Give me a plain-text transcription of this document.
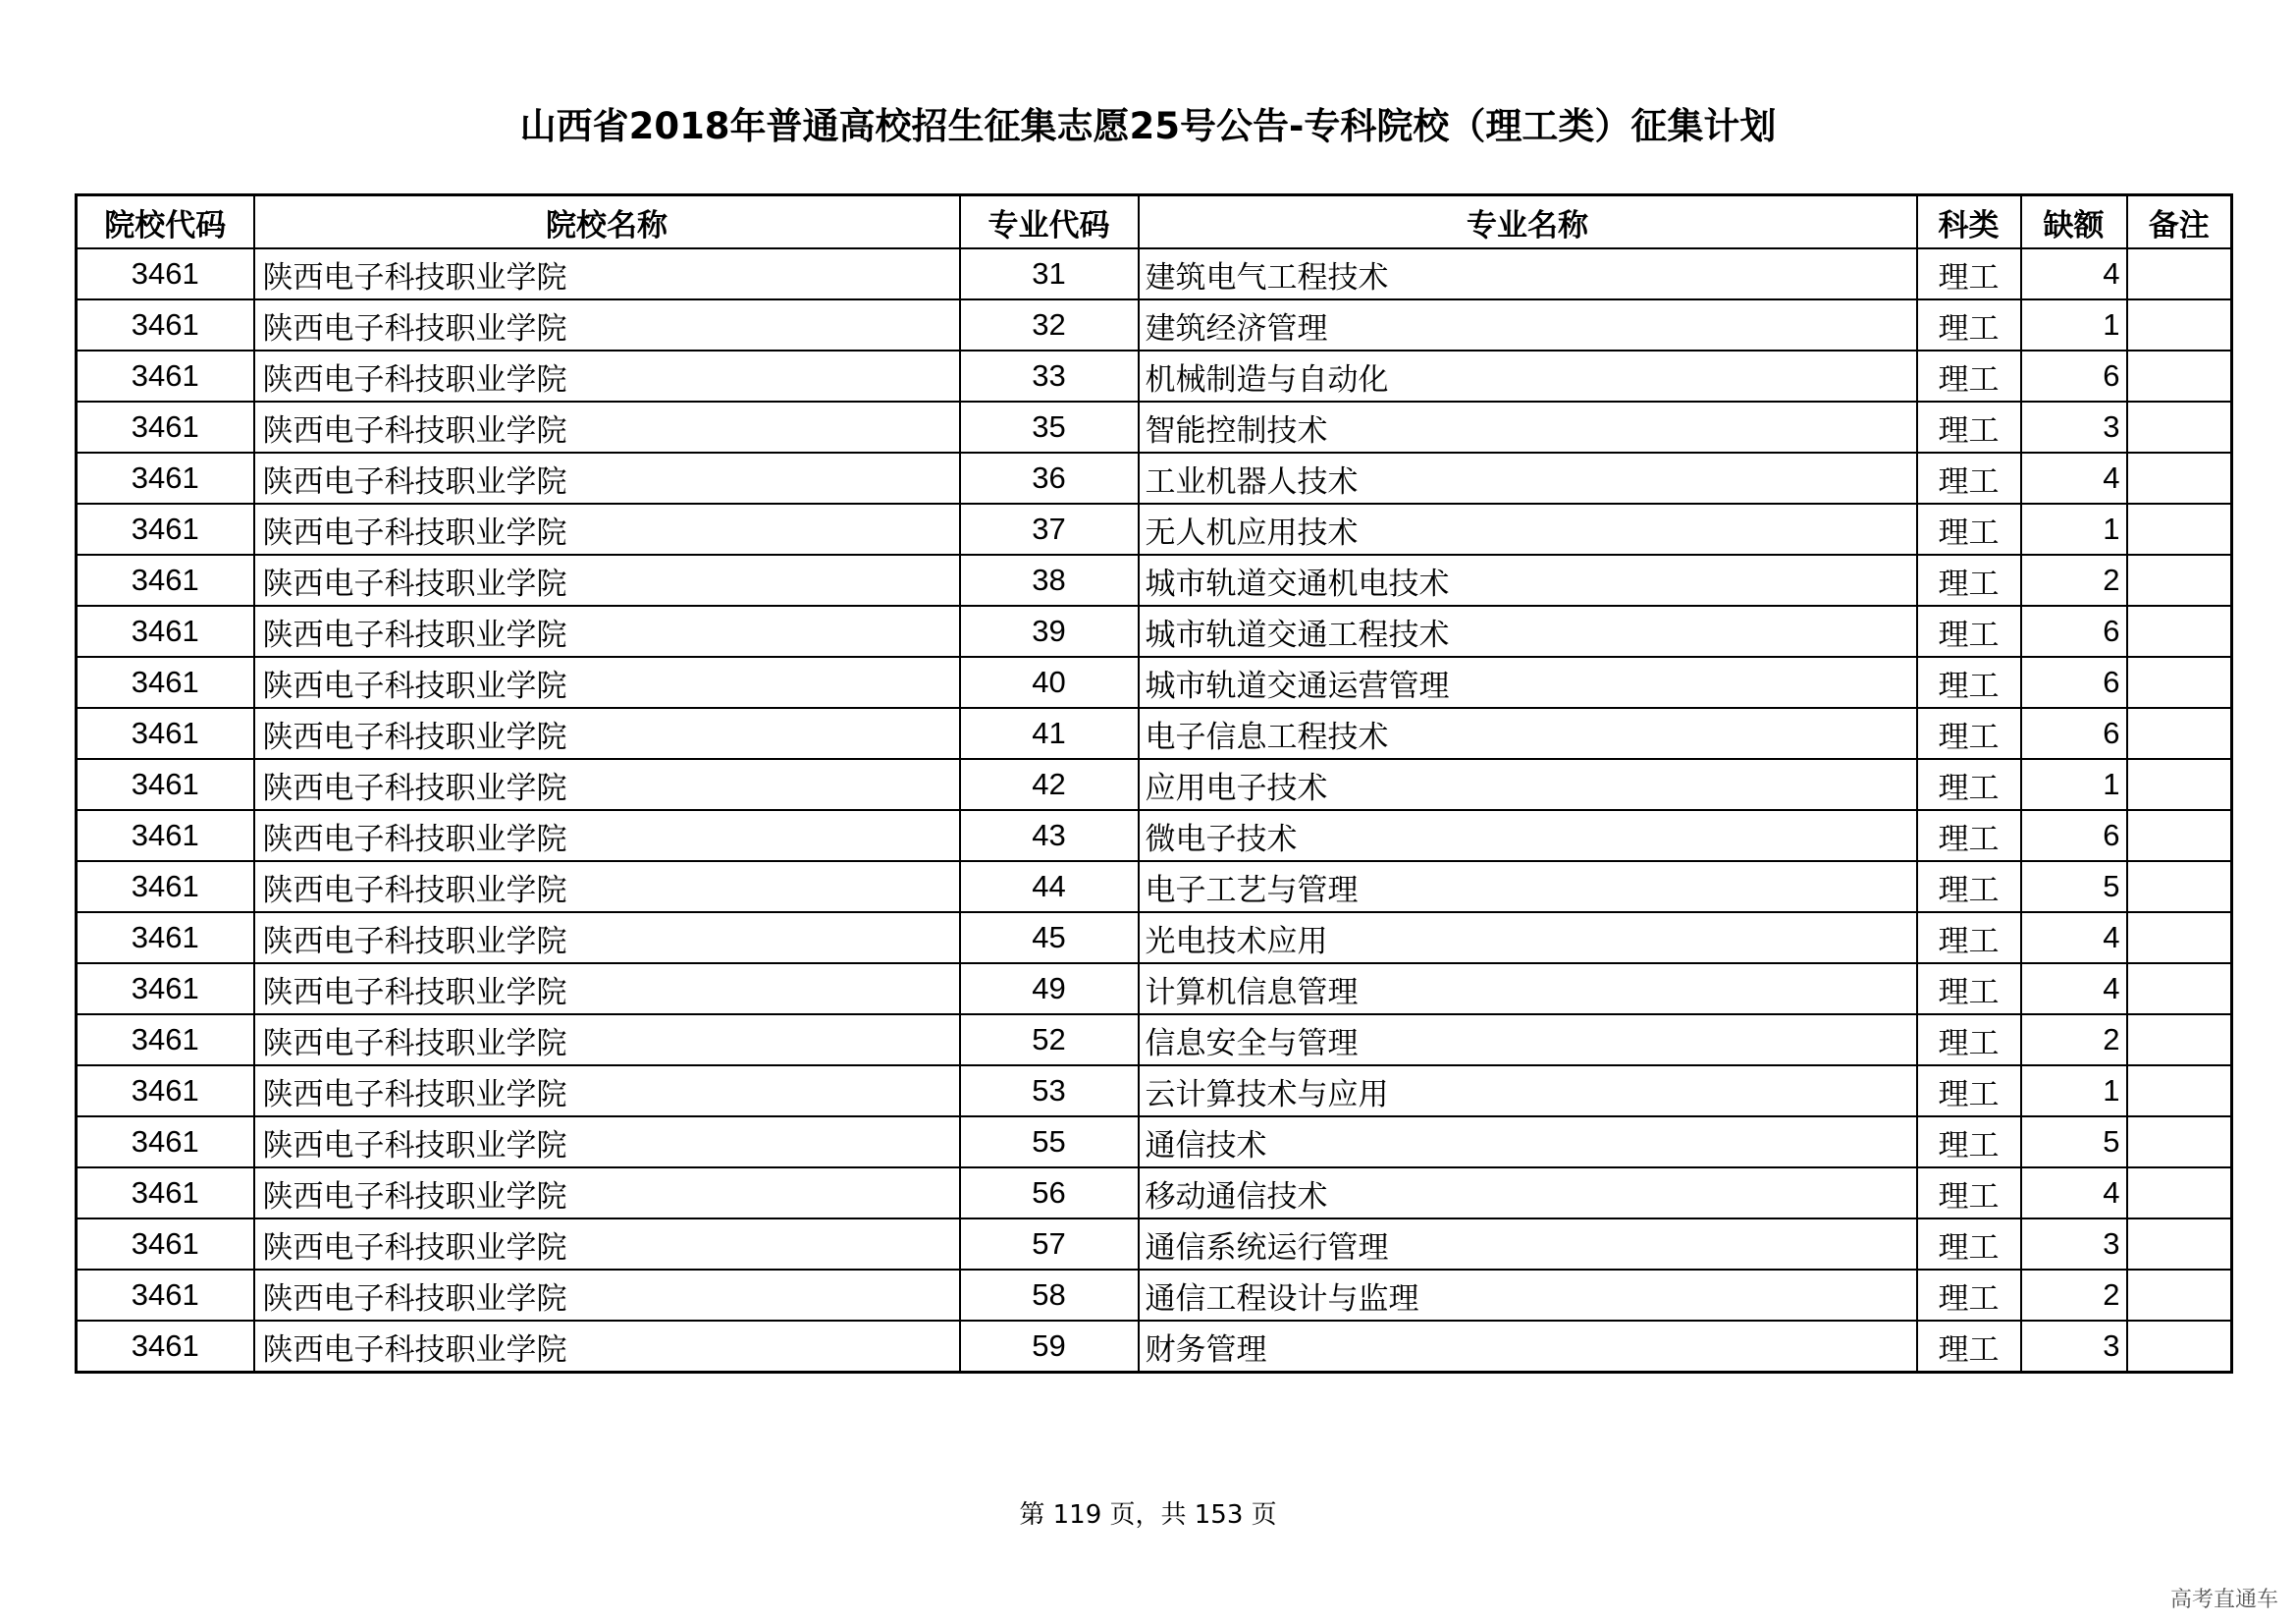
山西省2018年普通高校招生征集志愿25号公告-专科院校（理工类）征集计划
院校代码	院校名称	专业代码	专业名称	科类	缺额	备注
3461	陕西电子科技职业学院	31	建筑电气工程技术	理工	4	
3461	陕西电子科技职业学院	32	建筑经济管理	理工	1	
3461	陕西电子科技职业学院	33	机械制造与自动化	理工	6	
3461	陕西电子科技职业学院	35	智能控制技术	理工	3	
3461	陕西电子科技职业学院	36	工业机器人技术	理工	4	
3461	陕西电子科技职业学院	37	无人机应用技术	理工	1	
3461	陕西电子科技职业学院	38	城市轨道交通机电技术	理工	2	
3461	陕西电子科技职业学院	39	城市轨道交通工程技术	理工	6	
3461	陕西电子科技职业学院	40	城市轨道交通运营管理	理工	6	
3461	陕西电子科技职业学院	41	电子信息工程技术	理工	6	
3461	陕西电子科技职业学院	42	应用电子技术	理工	1	
3461	陕西电子科技职业学院	43	微电子技术	理工	6	
3461	陕西电子科技职业学院	44	电子工艺与管理	理工	5	
3461	陕西电子科技职业学院	45	光电技术应用	理工	4	
3461	陕西电子科技职业学院	49	计算机信息管理	理工	4	
3461	陕西电子科技职业学院	52	信息安全与管理	理工	2	
3461	陕西电子科技职业学院	53	云计算技术与应用	理工	1	
3461	陕西电子科技职业学院	55	通信技术	理工	5	
3461	陕西电子科技职业学院	56	移动通信技术	理工	4	
3461	陕西电子科技职业学院	57	通信系统运行管理	理工	3	
3461	陕西电子科技职业学院	58	通信工程设计与监理	理工	2	
3461	陕西电子科技职业学院	59	财务管理	理工	3	
第 119 页，共 153 页
高考直通车
